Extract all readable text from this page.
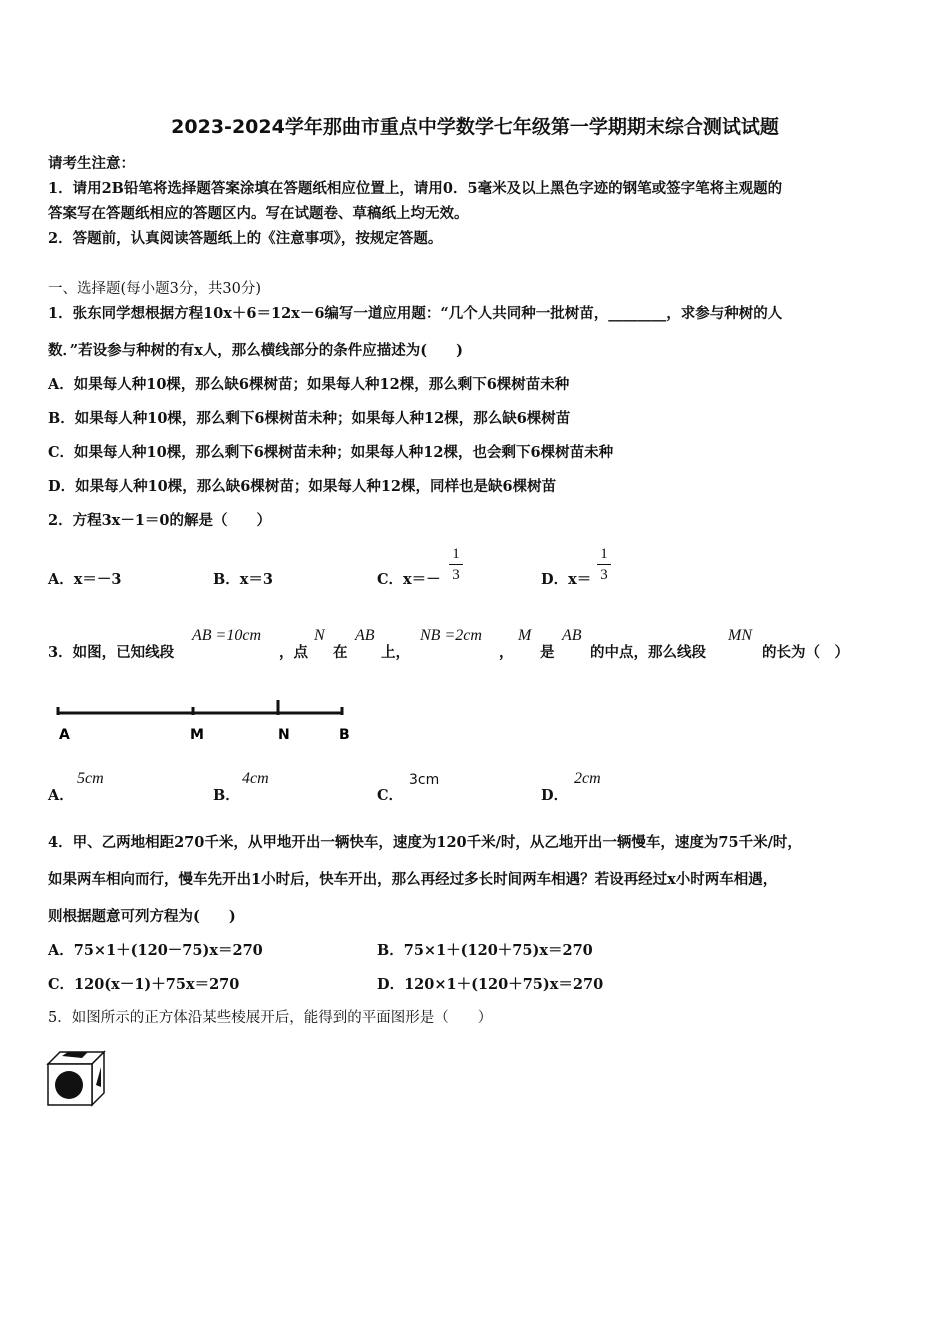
2023-2024学年那曲市重点中学数学七年级第一学期期末综合测试试题
请考生注意：
1．请用2B铅笔将选择题答案涂填在答题纸相应位置上，请用0．5毫米及以上黑色字迹的钢笔或签字笔将主观题的
答案写在答题纸相应的答题区内。写在试题卷、草稿纸上均无效。
2．答题前，认真阅读答题纸上的《注意事项》，按规定答题。
一、选择题(每小题3分，共30分)
1．张东同学想根据方程10x＋6＝12x－6编写一道应用题：“几个人共同种一批树苗，________，求参与种树的人
数．”若设参与种树的有x人，那么横线部分的条件应描述为(　　)
A．如果每人种10棵，那么缺6棵树苗；如果每人种12棵，那么剩下6棵树苗未种
B．如果每人种10棵，那么剩下6棵树苗未种；如果每人种12棵，那么缺6棵树苗
C．如果每人种10棵，那么剩下6棵树苗未种；如果每人种12棵，也会剩下6棵树苗未种
D．如果每人种10棵，那么缺6棵树苗；如果每人种12棵，同样也是缺6棵树苗
2．方程3x－1＝0的解是（　　）
A．x＝－3	B．x＝3	C．x＝－
1
3	D．x＝
1
3
3．如图，已知线段
AB =10cm
，点
N
在
AB
上，
NB =2cm
，
M
是
AB
的中点，那么线段
MN
的长为（　）
A	M	N	B
A．
5cm
B．
4cm
C．
3cm
D．
2cm
4．甲、乙两地相距270千米，从甲地开出一辆快车，速度为120千米/时，从乙地开出一辆慢车，速度为75千米/时，
如果两车相向而行，慢车先开出1小时后，快车开出，那么再经过多长时间两车相遇？若设再经过x小时两车相遇，
则根据题意可列方程为(　　)
A．75×1＋(120－75)x＝270	B．75×1＋(120＋75)x＝270
C．120(x－1)＋75x＝270	D．120×1＋(120＋75)x＝270
5．如图所示的正方体沿某些棱展开后，能得到的平面图形是（　　）
